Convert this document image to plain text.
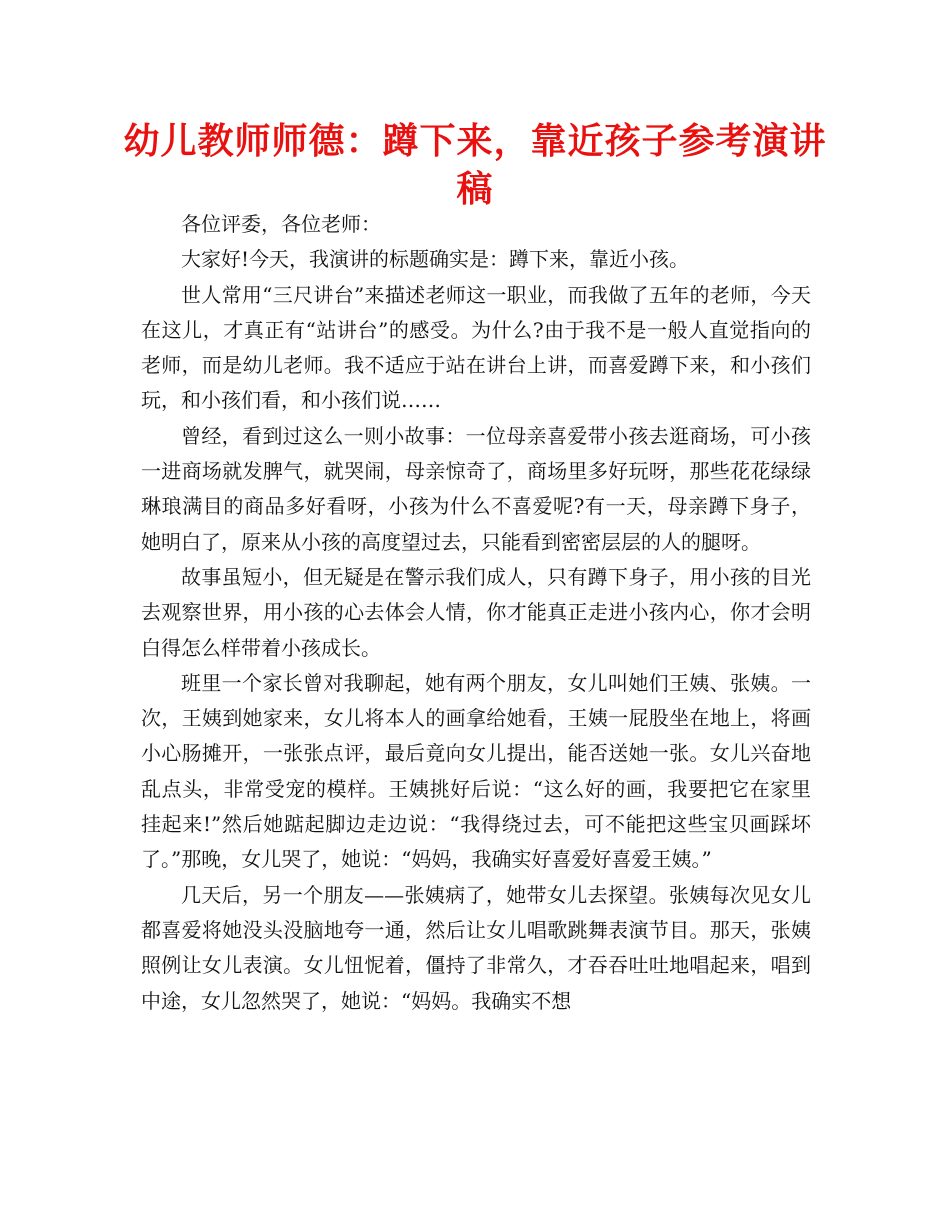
幼儿教师师德：蹲下来，靠近孩子参考演讲稿

各位评委，各位老师：

大家好!今天，我演讲的标题确实是：蹲下来，靠近小孩。

世人常用“三尺讲台”来描述老师这一职业，而我做了五年的老师，今天在这儿，才真正有“站讲台”的感受。为什么?由于我不是一般人直觉指向的老师，而是幼儿老师。我不适应于站在讲台上讲，而喜爱蹲下来，和小孩们玩，和小孩们看，和小孩们说……

曾经，看到过这么一则小故事：一位母亲喜爱带小孩去逛商场，可小孩一进商场就发脾气，就哭闹，母亲惊奇了，商场里多好玩呀，那些花花绿绿琳琅满目的商品多好看呀，小孩为什么不喜爱呢?有一天，母亲蹲下身子，她明白了，原来从小孩的高度望过去，只能看到密密层层的人的腿呀。

故事虽短小，但无疑是在警示我们成人，只有蹲下身子，用小孩的目光去观察世界，用小孩的心去体会人情，你才能真正走进小孩内心，你才会明白得怎么样带着小孩成长。

班里一个家长曾对我聊起，她有两个朋友，女儿叫她们王姨、张姨。一次，王姨到她家来，女儿将本人的画拿给她看，王姨一屁股坐在地上，将画小心肠摊开，一张张点评，最后竟向女儿提出，能否送她一张。女儿兴奋地乱点头，非常受宠的模样。王姨挑好后说：“这么好的画，我要把它在家里挂起来!”然后她踮起脚边走边说：“我得绕过去，可不能把这些宝贝画踩坏了。”那晚，女儿哭了，她说：“妈妈，我确实好喜爱好喜爱王姨。”

几天后，另一个朋友——张姨病了，她带女儿去探望。张姨每次见女儿都喜爱将她没头没脑地夸一通，然后让女儿唱歌跳舞表演节目。那天，张姨照例让女儿表演。女儿忸怩着，僵持了非常久，才吞吞吐吐地唱起来，唱到中途，女儿忽然哭了，她说：“妈妈。我确实不想
